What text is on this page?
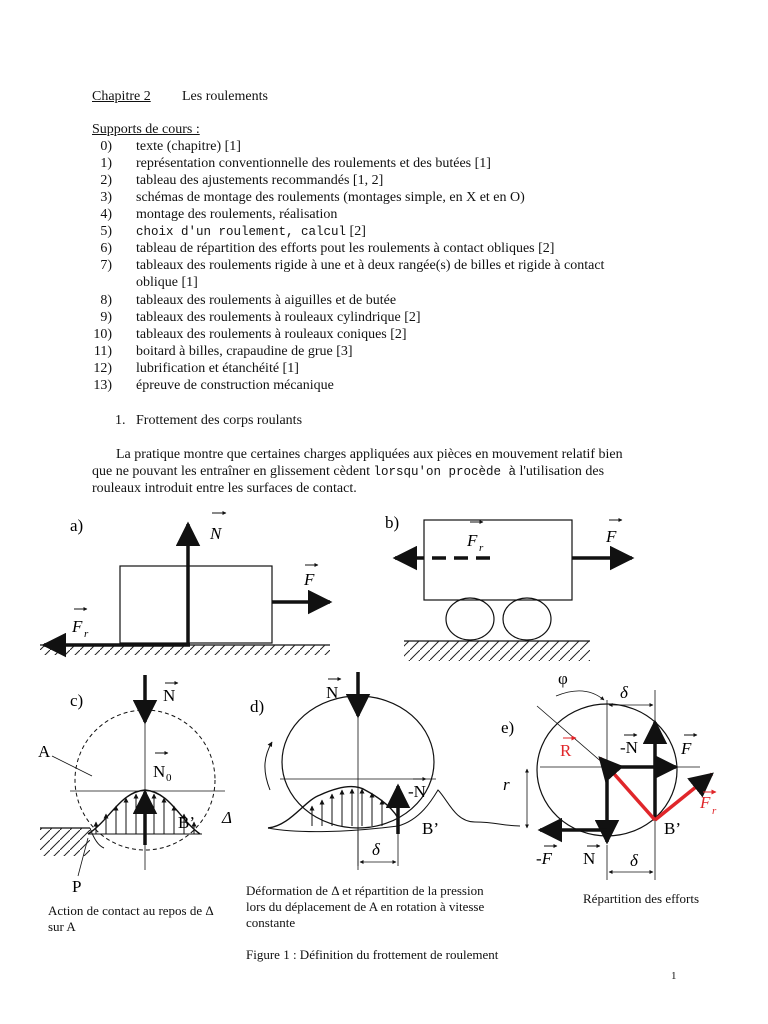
Chapitre 2 Les roulements
Supports de cours :
0) texte (chapitre) [1]
1) représentation conventionnelle des roulements et des butées [1]
2) tableau des ajustements recommandés [1, 2]
3) schémas de montage des roulements (montages simple, en X et en O)
4) montage des roulements, réalisation
5) choix d'un roulement, calcul [2]
6) tableau de répartition des efforts pout les roulements à contact obliques [2]
7) tableaux des roulements rigide à une et à deux rangée(s) de billes et rigide à contact
oblique [1]
8) tableaux des roulements à aiguilles et de butée
9) tableaux des roulements à rouleaux cylindrique [2]
10) tableaux des roulements à rouleaux coniques [2]
11) boitard à billes, crapaudine de grue [3]
12) lubrification et étanchéité [1]
13) épreuve de construction mécanique
1. Frottement des corps roulants
La pratique montre que certaines charges appliquées aux pièces en mouvement relatif bien
que ne pouvant les entraîner en glissement cèdent lorsqu'on procède à l'utilisation des
rouleaux introduit entre les surfaces de contact.
a)	N
F
F r
b)
F
F r
c)	N
N 0
A
B’ Δ
P
d)
N
-N
B’
δ
e)
φ
δ
-N	F
N
-F
R
F r
B’
r
δ
Action de contact au repos de Δ sur A
Déformation de Δ et répartition de la pression lors du déplacement de A en rotation à vitesse constante
Répartition des efforts
Figure 1 : Définition du frottement de roulement
1
